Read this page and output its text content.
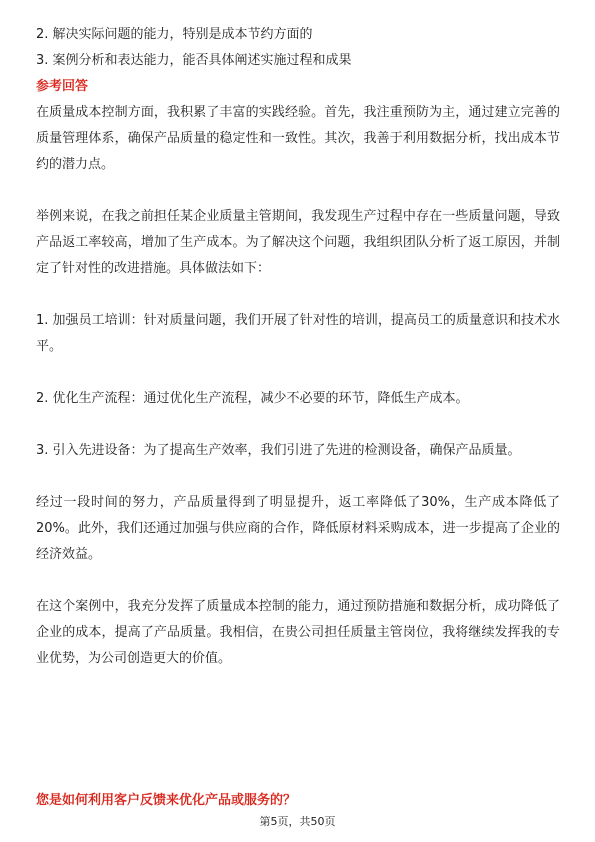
2. 解决实际问题的能力，特别是成本节约方面的

3. 案例分析和表达能力，能否具体阐述实施过程和成果

参考回答

在质量成本控制方面，我积累了丰富的实践经验。首先，我注重预防为主，通过建立完善的质量管理体系，确保产品质量的稳定性和一致性。其次，我善于利用数据分析，找出成本节约的潜力点。

举例来说，在我之前担任某企业质量主管期间，我发现生产过程中存在一些质量问题，导致产品返工率较高，增加了生产成本。为了解决这个问题，我组织团队分析了返工原因，并制定了针对性的改进措施。具体做法如下：

1. 加强员工培训：针对质量问题，我们开展了针对性的培训，提高员工的质量意识和技术水平。

2. 优化生产流程：通过优化生产流程，减少不必要的环节，降低生产成本。

3. 引入先进设备：为了提高生产效率，我们引进了先进的检测设备，确保产品质量。

经过一段时间的努力，产品质量得到了明显提升，返工率降低了30%，生产成本降低了20%。此外，我们还通过加强与供应商的合作，降低原材料采购成本，进一步提高了企业的经济效益。

在这个案例中，我充分发挥了质量成本控制的能力，通过预防措施和数据分析，成功降低了企业的成本，提高了产品质量。我相信，在贵公司担任质量主管岗位，我将继续发挥我的专业优势，为公司创造更大的价值。

您是如何利用客户反馈来优化产品或服务的？

第5页，共50页
